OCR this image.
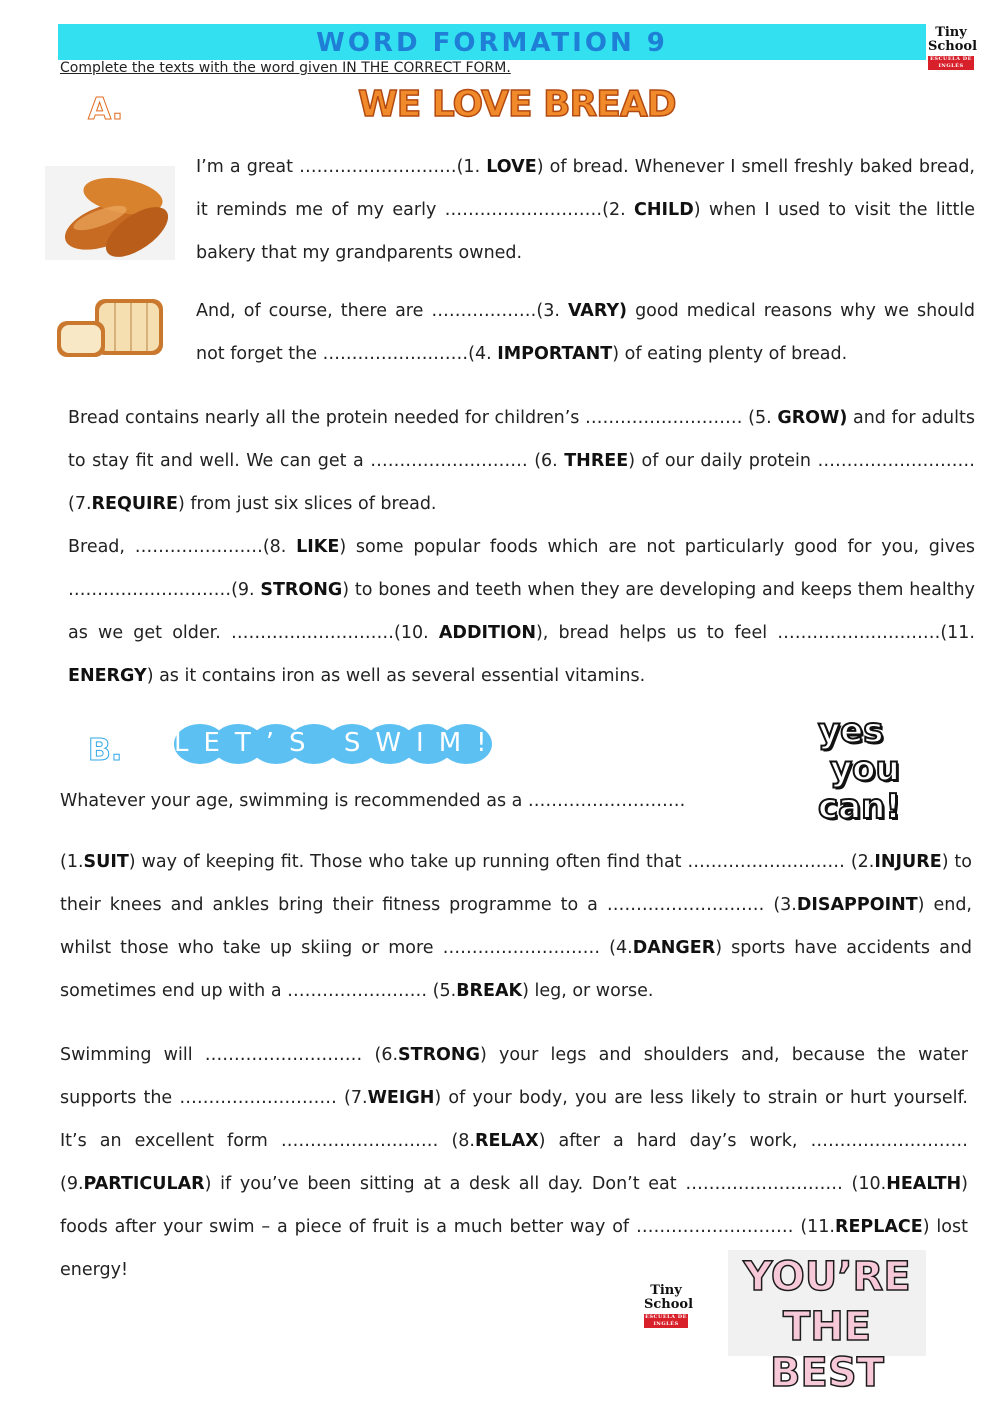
WORD FORMATION 9	Tiny
School
ESCUELA DE INGLÉS
Complete the texts with the word given IN THE CORRECT FORM.
A.	WE LOVE BREAD

I’m a great ………………………(1. LOVE) of bread. Whenever I smell freshly baked bread, it reminds me of my early ………………………(2. CHILD) when I used to visit the little bakery that my grandparents owned.

And, of course, there are ………………(3. VARY) good medical reasons why we should not forget the ……………….……(4. IMPORTANT) of eating plenty of bread.

Bread contains nearly all the protein needed for children’s ……………………… (5. GROW) and for adults to stay fit and well. We can get a ……………………… (6. THREE) of our daily protein ……………………… (7.REQUIRE) from just six slices of bread.

Bread, …………….……(8. LIKE) some popular foods which are not particularly good for you, gives ………….……………(9. STRONG) to bones and teeth when they are developing and keeps them healthy as we get older. ………….……………(10. ADDITION), bread helps us to feel …………….…………(11. ENERGY) as it contains iron as well as several essential vitamins.

B. LET’S SWIM!
Whatever your age, swimming is recommended as a ………………………

(1.SUIT) way of keeping fit. Those who take up running often find that ……………………… (2.INJURE) to their knees and ankles bring their fitness programme to a ……………………… (3.DISAPPOINT) end, whilst those who take up skiing or more ……………………… (4.DANGER) sports have accidents and sometimes end up with a …………………… (5.BREAK) leg, or worse.

Swimming will ……………………… (6.STRONG) your legs and shoulders and, because the water supports the ……………………… (7.WEIGH) of your body, you are less likely to strain or hurt yourself. It’s an excellent form ……………………… (8.RELAX) after a hard day’s work, ……………………… (9.PARTICULAR) if you’ve been sitting at a desk all day. Don’t eat ……………………… (10.HEALTH) foods after your swim – a piece of fruit is a much better way of ……………………… (11.REPLACE) lost energy!

yes
you
can!
Tiny
School
ESCUELA DE INGLÉS
YOU’RE
THE BEST
